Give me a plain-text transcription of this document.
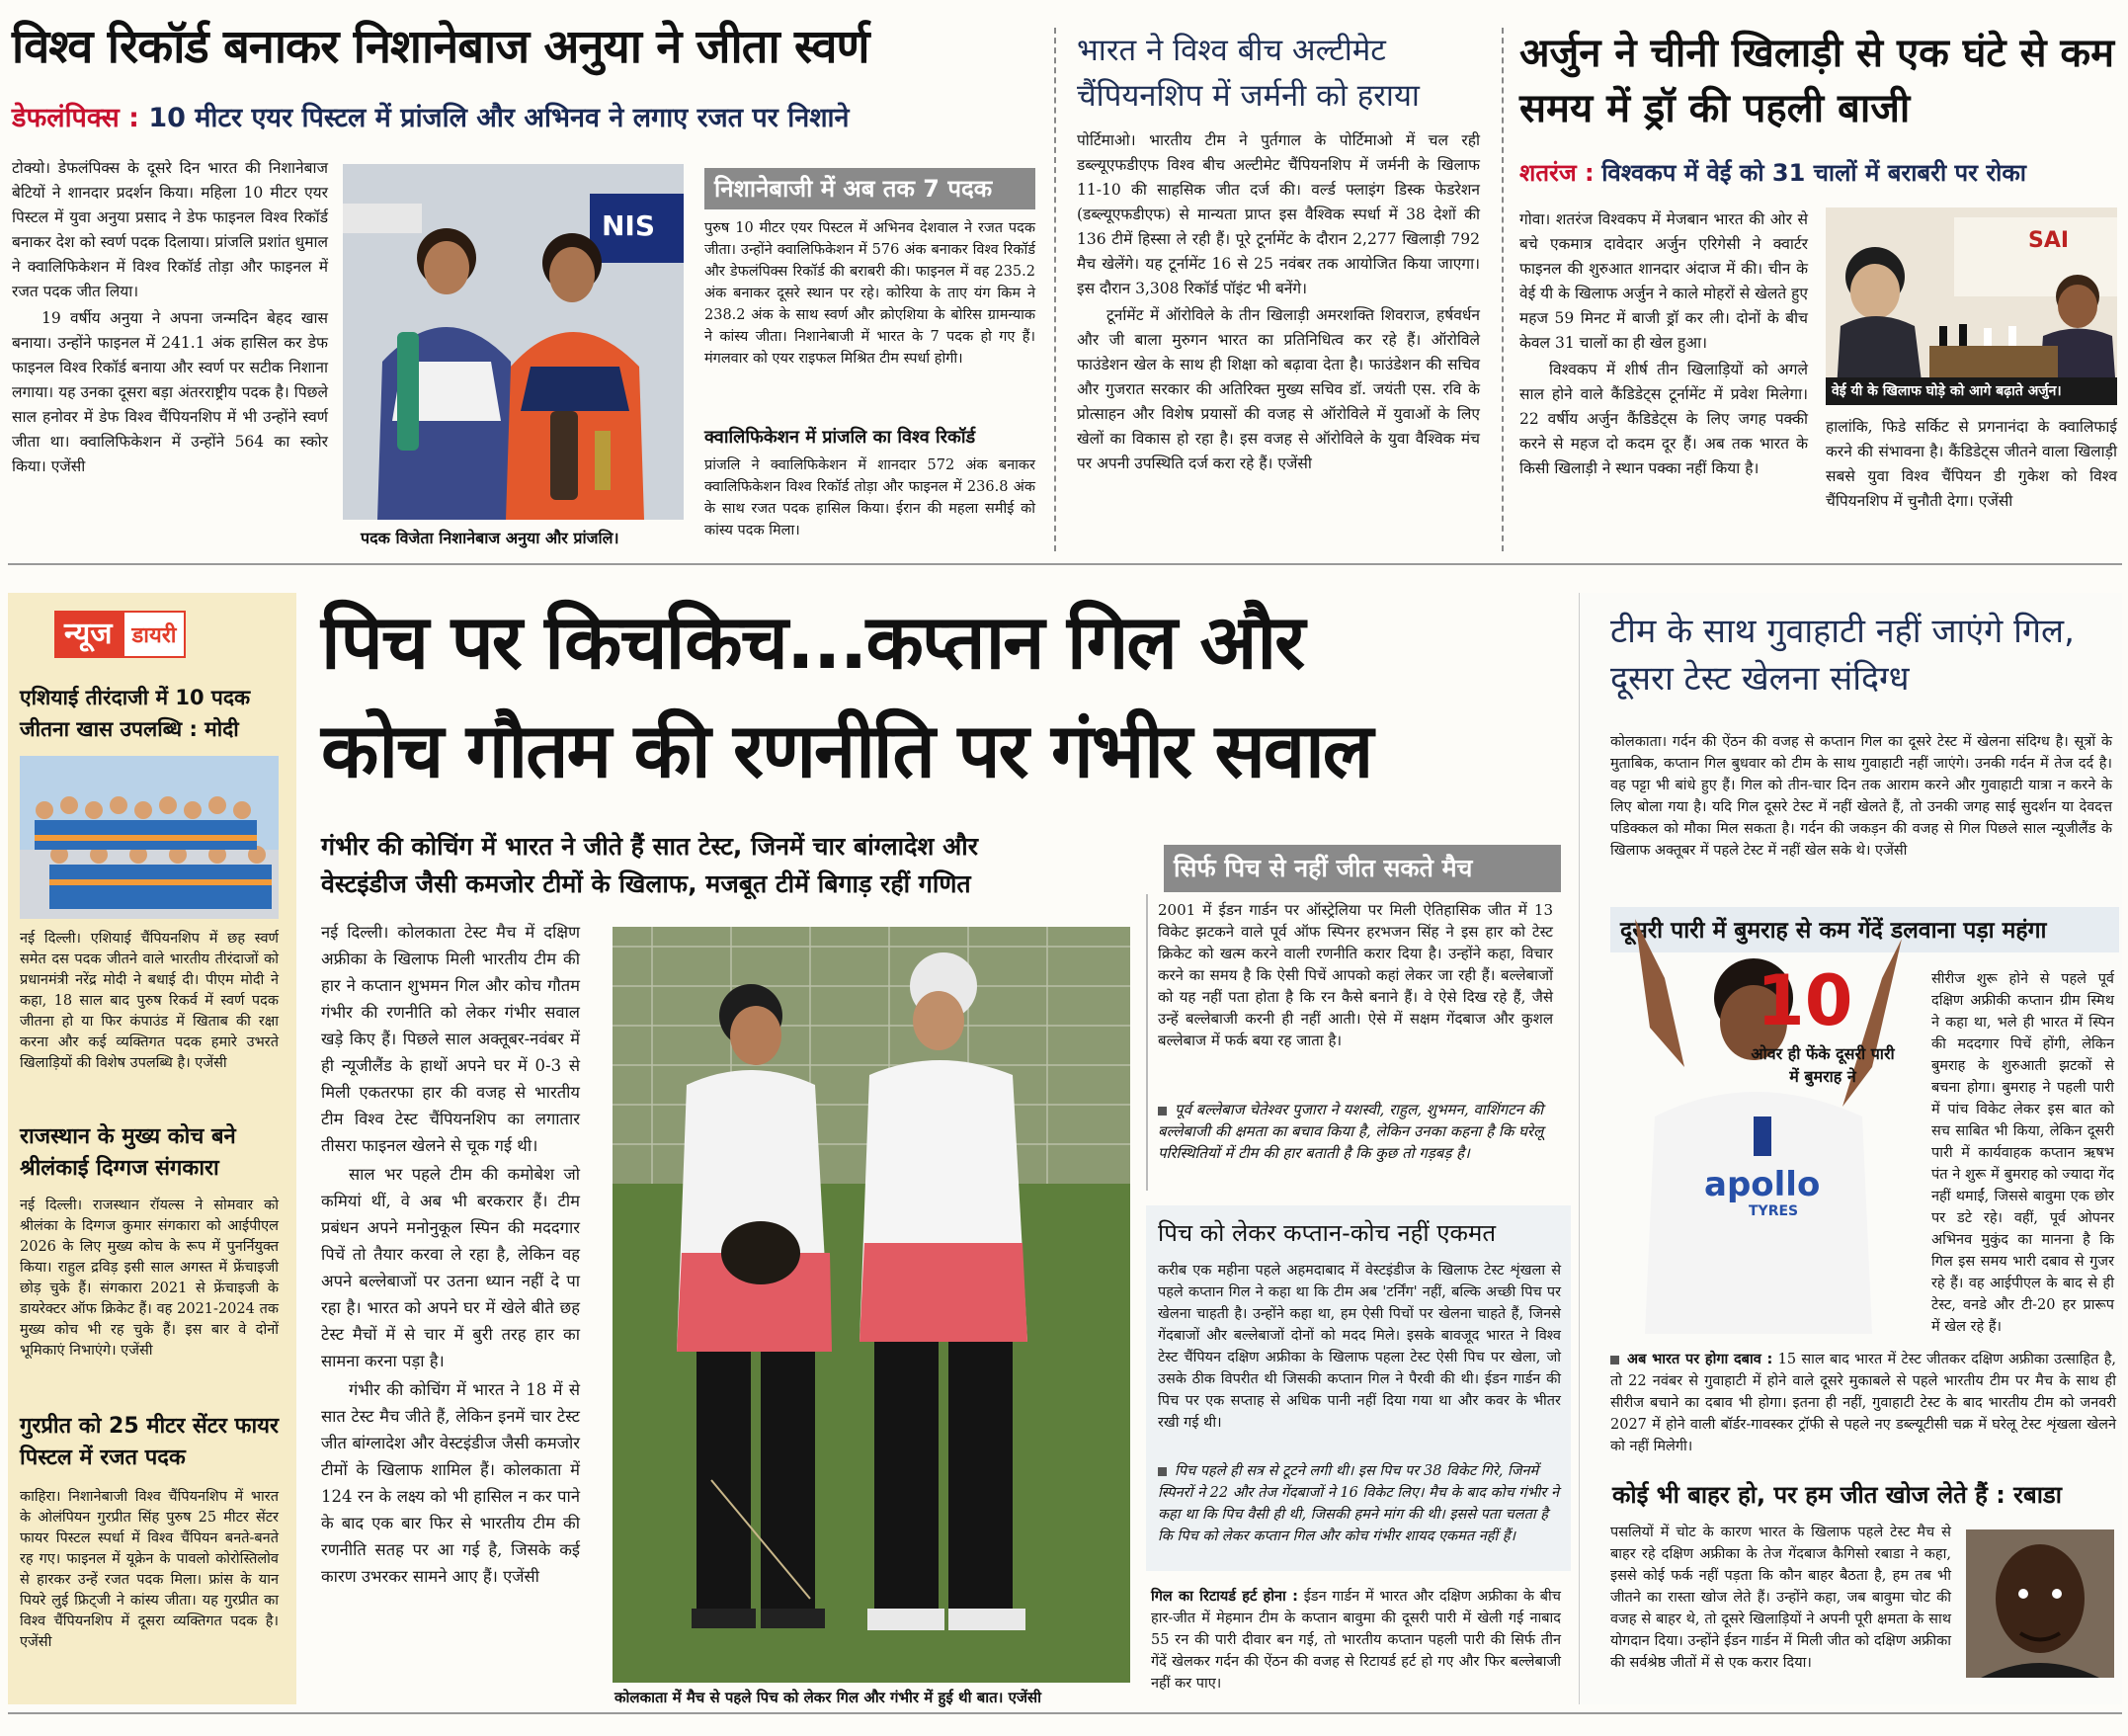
विश्व रिकॉर्ड बनाकर निशानेबाज अनुया ने जीता स्वर्ण
डेफलंपिक्स : 10 मीटर एयर पिस्टल में प्रांजलि और अभिनव ने लगाए रजत पर निशाने

टोक्यो। डेफलंपिक्स के दूसरे दिन भारत की निशानेबाज बेटियों ने शानदार प्रदर्शन किया। महिला 10 मीटर एयर पिस्टल में युवा अनुया प्रसाद ने डेफ फाइनल विश्व रिकॉर्ड बनाकर देश को स्वर्ण पदक दिलाया। प्रांजलि प्रशांत धुमाल ने क्वालिफिकेशन में विश्व रिकॉर्ड तोड़ा और फाइनल में रजत पदक जीत लिया।

19 वर्षीय अनुया ने अपना जन्मदिन बेहद खास बनाया। उन्होंने फाइनल में 241.1 अंक हासिल कर डेफ फाइनल विश्व रिकॉर्ड बनाया और स्वर्ण पर सटीक निशाना लगाया। यह उनका दूसरा बड़ा अंतरराष्ट्रीय पदक है। पिछले साल हनोवर में डेफ विश्व चैंपियनशिप में भी उन्होंने स्वर्ण जीता था। क्वालिफिकेशन में उन्होंने 564 का स्कोर किया। एजेंसी

NIS
पदक विजेता निशानेबाज अनुया और प्रांजलि।
निशानेबाजी में अब तक 7 पदक
पुरुष 10 मीटर एयर पिस्टल में अभिनव देशवाल ने रजत पदक जीता। उन्होंने क्वालिफिकेशन में 576 अंक बनाकर विश्व रिकॉर्ड और डेफलंपिक्स रिकॉर्ड की बराबरी की। फाइनल में वह 235.2 अंक बनाकर दूसरे स्थान पर रहे। कोरिया के ताए यंग किम ने 238.2 अंक के साथ स्वर्ण और क्रोएशिया के बोरिस ग्रामन्याक ने कांस्य जीता। निशानेबाजी में भारत के 7 पदक हो गए हैं। मंगलवार को एयर राइफल मिश्रित टीम स्पर्धा होगी।
क्वालिफिकेशन में प्रांजलि का विश्व रिकॉर्ड
प्रांजलि ने क्वालिफिकेशन में शानदार 572 अंक बनाकर क्वालिफिकेशन विश्व रिकॉर्ड तोड़ा और फाइनल में 236.8 अंक के साथ रजत पदक हासिल किया। ईरान की महला समीई को कांस्य पदक मिला।
भारत ने विश्व बीच अल्टीमेट चैंपियनशिप में जर्मनी को हराया

पोर्टिमाओ। भारतीय टीम ने पुर्तगाल के पोर्टिमाओ में चल रही डब्ल्यूएफडीएफ विश्व बीच अल्टीमेट चैंपियनशिप में जर्मनी के खिलाफ 11-10 की साहसिक जीत दर्ज की। वर्ल्ड फ्लाइंग डिस्क फेडरेशन (डब्ल्यूएफडीएफ) से मान्यता प्राप्त इस वैश्विक स्पर्धा में 38 देशों की 136 टीमें हिस्सा ले रही हैं। पूरे टूर्नामेंट के दौरान 2,277 खिलाड़ी 792 मैच खेलेंगे। यह टूर्नामेंट 16 से 25 नवंबर तक आयोजित किया जाएगा। इस दौरान 3,308 रिकॉर्ड पॉइंट भी बनेंगे।

टूर्नामेंट में ऑरोविले के तीन खिलाड़ी अमरशक्ति शिवराज, हर्षवर्धन और जी बाला मुरुगन भारत का प्रतिनिधित्व कर रहे हैं। ऑरोविले फाउंडेशन खेल के साथ ही शिक्षा को बढ़ावा देता है। फाउंडेशन की सचिव और गुजरात सरकार की अतिरिक्त मुख्य सचिव डॉ. जयंती एस. रवि के प्रोत्साहन और विशेष प्रयासों की वजह से ऑरोविले में युवाओं के लिए खेलों का विकास हो रहा है। इस वजह से ऑरोविले के युवा वैश्विक मंच पर अपनी उपस्थिति दर्ज करा रहे हैं। एजेंसी

अर्जुन ने चीनी खिलाड़ी से एक घंटे से कम समय में ड्रॉ की पहली बाजी
शतरंज : विश्वकप में वेई को 31 चालों में बराबरी पर रोका

गोवा। शतरंज विश्वकप में मेजबान भारत की ओर से बचे एकमात्र दावेदार अर्जुन एरिगेसी ने क्वार्टर फाइनल की शुरुआत शानदार अंदाज में की। चीन के वेई यी के खिलाफ अर्जुन ने काले मोहरों से खेलते हुए महज 59 मिनट में बाजी ड्रॉ कर ली। दोनों के बीच केवल 31 चालों का ही खेल हुआ।

विश्वकप में शीर्ष तीन खिलाड़ियों को अगले साल होने वाले कैंडिडेट्स टूर्नामेंट में प्रवेश मिलेगा। 22 वर्षीय अर्जुन कैंडिडेट्स के लिए जगह पक्की करने से महज दो कदम दूर हैं। अब तक भारत के किसी खिलाड़ी ने स्थान पक्का नहीं किया है।

SAI
वेई यी के खिलाफ घोड़े को आगे बढ़ाते अर्जुन।
हालांकि, फिडे सर्किट से प्रगनानंदा के क्वालिफाई करने की संभावना है। कैंडिडेट्स जीतने वाला खिलाड़ी सबसे युवा विश्व चैंपियन डी गुकेश को विश्व चैंपियनशिप में चुनौती देगा। एजेंसी
न्यूज डायरी
एशियाई तीरंदाजी में 10 पदक जीतना खास उपलब्धि : मोदी
नई दिल्ली। एशियाई चैंपियनशिप में छह स्वर्ण समेत दस पदक जीतने वाले भारतीय तीरंदाजों को प्रधानमंत्री नरेंद्र मोदी ने बधाई दी। पीएम मोदी ने कहा, 18 साल बाद पुरुष रिकर्व में स्वर्ण पदक जीतना हो या फिर कंपाउंड में खिताब की रक्षा करना और कई व्यक्तिगत पदक हमारे उभरते खिलाड़ियों की विशेष उपलब्धि है। एजेंसी
राजस्थान के मुख्य कोच बने श्रीलंकाई दिग्गज संगकारा
नई दिल्ली। राजस्थान रॉयल्स ने सोमवार को श्रीलंका के दिग्गज कुमार संगकारा को आईपीएल 2026 के लिए मुख्य कोच के रूप में पुनर्नियुक्त किया। राहुल द्रविड़ इसी साल अगस्त में फ्रेंचाइजी छोड़ चुके हैं। संगकारा 2021 से फ्रेंचाइजी के डायरेक्टर ऑफ क्रिकेट हैं। वह 2021-2024 तक मुख्य कोच भी रह चुके हैं। इस बार वे दोनों भूमिकाएं निभाएंगे। एजेंसी
गुरप्रीत को 25 मीटर सेंटर फायर पिस्टल में रजत पदक
काहिरा। निशानेबाजी विश्व चैंपियनशिप में भारत के ओलंपियन गुरप्रीत सिंह पुरुष 25 मीटर सेंटर फायर पिस्टल स्पर्धा में विश्व चैंपियन बनते-बनते रह गए। फाइनल में यूक्रेन के पावलो कोरोस्तिलोव से हारकर उन्हें रजत पदक मिला। फ्रांस के यान पियरे लुई फ्रिट्जी ने कांस्य जीता। यह गुरप्रीत का विश्व चैंपियनशिप में दूसरा व्यक्तिगत पदक है। एजेंसी
पिच पर किचकिच...कप्तान गिल और
कोच गौतम की रणनीति पर गंभीर सवाल
गंभीर की कोचिंग में भारत ने जीते हैं सात टेस्ट, जिनमें चार बांग्लादेश और
वेस्टइंडीज जैसी कमजोर टीमों के खिलाफ, मजबूत टीमें बिगाड़ रहीं गणित

नई दिल्ली। कोलकाता टेस्ट मैच में दक्षिण अफ्रीका के खिलाफ मिली भारतीय टीम की हार ने कप्तान शुभमन गिल और कोच गौतम गंभीर की रणनीति को लेकर गंभीर सवाल खड़े किए हैं। पिछले साल अक्तूबर-नवंबर में ही न्यूजीलैंड के हाथों अपने घर में 0-3 से मिली एकतरफा हार की वजह से भारतीय टीम विश्व टेस्ट चैंपियनशिप का लगातार तीसरा फाइनल खेलने से चूक गई थी।

साल भर पहले टीम की कमोबेश जो कमियां थीं, वे अब भी बरकरार हैं। टीम प्रबंधन अपने मनोनुकूल स्पिन की मददगार पिचें तो तैयार करवा ले रहा है, लेकिन वह अपने बल्लेबाजों पर उतना ध्यान नहीं दे पा रहा है। भारत को अपने घर में खेले बीते छह टेस्ट मैचों में से चार में बुरी तरह हार का सामना करना पड़ा है।

गंभीर की कोचिंग में भारत ने 18 में से सात टेस्ट मैच जीते हैं, लेकिन इनमें चार टेस्ट जीत बांग्लादेश और वेस्टइंडीज जैसी कमजोर टीमों के खिलाफ शामिल हैं। कोलकाता में 124 रन के लक्ष्य को भी हासिल न कर पाने के बाद एक बार फिर से भारतीय टीम की रणनीति सतह पर आ गई है, जिसके कई कारण उभरकर सामने आए हैं। एजेंसी

कोलकाता में मैच से पहले पिच को लेकर गिल और गंभीर में हुई थी बात। एजेंसी
सिर्फ पिच से नहीं जीत सकते मैच
2001 में ईडन गार्डन पर ऑस्ट्रेलिया पर मिली ऐतिहासिक जीत में 13 विकेट झटकने वाले पूर्व ऑफ स्पिनर हरभजन सिंह ने इस हार को टेस्ट क्रिकेट को खत्म करने वाली रणनीति करार दिया है। उन्होंने कहा, विचार करने का समय है कि ऐसी पिचें आपको कहां लेकर जा रही हैं। बल्लेबाजों को यह नहीं पता होता है कि रन कैसे बनाने हैं। वे ऐसे दिख रहे हैं, जैसे उन्हें बल्लेबाजी करनी ही नहीं आती। ऐसे में सक्षम गेंदबाज और कुशल बल्लेबाज में फर्क बया रह जाता है।
पूर्व बल्लेबाज चेतेश्वर पुजारा ने यशस्वी, राहुल, शुभमन, वाशिंगटन की बल्लेबाजी की क्षमता का बचाव किया है, लेकिन उनका कहना है कि घरेलू परिस्थितियों में टीम की हार बताती है कि कुछ तो गड़बड़ है।
पिच को लेकर कप्तान-कोच नहीं एकमत
करीब एक महीना पहले अहमदाबाद में वेस्टइंडीज के खिलाफ टेस्ट शृंखला से पहले कप्तान गिल ने कहा था कि टीम अब 'टर्निंग' नहीं, बल्कि अच्छी पिच पर खेलना चाहती है। उन्होंने कहा था, हम ऐसी पिचों पर खेलना चाहते हैं, जिनसे गेंदबाजों और बल्लेबाजों दोनों को मदद मिले। इसके बावजूद भारत ने विश्व टेस्ट चैंपियन दक्षिण अफ्रीका के खिलाफ पहला टेस्ट ऐसी पिच पर खेला, जो उसके ठीक विपरीत थी जिसकी कप्तान गिल ने पैरवी की थी। ईडन गार्डन की पिच पर एक सप्ताह से अधिक पानी नहीं दिया गया था और कवर के भीतर रखी गई थी।
पिच पहले ही सत्र से टूटने लगी थी। इस पिच पर 38 विकेट गिरे, जिनमें स्पिनरों ने 22 और तेज गेंदबाजों ने 16 विकेट लिए। मैच के बाद कोच गंभीर ने कहा था कि पिच वैसी ही थी, जिसकी हमने मांग की थी। इससे पता चलता है कि पिच को लेकर कप्तान गिल और कोच गंभीर शायद एकमत नहीं हैं।
गिल का रिटायर्ड हर्ट होना : ईडन गार्डन में भारत और दक्षिण अफ्रीका के बीच हार-जीत में मेहमान टीम के कप्तान बावुमा की दूसरी पारी में खेली गई नाबाद 55 रन की पारी दीवार बन गई, तो भारतीय कप्तान पहली पारी की सिर्फ तीन गेंदें खेलकर गर्दन की ऐंठन की वजह से रिटायर्ड हर्ट हो गए और फिर बल्लेबाजी नहीं कर पाए।
टीम के साथ गुवाहाटी नहीं जाएंगे गिल, दूसरा टेस्ट खेलना संदिग्ध
कोलकाता। गर्दन की ऐंठन की वजह से कप्तान गिल का दूसरे टेस्ट में खेलना संदिग्ध है। सूत्रों के मुताबिक, कप्तान गिल बुधवार को टीम के साथ गुवाहाटी नहीं जाएंगे। उनकी गर्दन में तेज दर्द है। वह पट्टा भी बांधे हुए हैं। गिल को तीन-चार दिन तक आराम करने और गुवाहाटी यात्रा न करने के लिए बोला गया है। यदि गिल दूसरे टेस्ट में नहीं खेलते हैं, तो उनकी जगह साई सुदर्शन या देवदत्त पडिक्कल को मौका मिल सकता है। गर्दन की जकड़न की वजह से गिल पिछले साल न्यूजीलैंड के खिलाफ अक्तूबर में पहले टेस्ट में नहीं खेल सके थे। एजेंसी
दूसरी पारी में बुमराह से कम गेंदें डलवाना पड़ा महंगा
apollo
TYRES
10
ओवर ही फेंके दूसरी पारी में बुमराह ने
सीरीज शुरू होने से पहले पूर्व दक्षिण अफ्रीकी कप्तान ग्रीम स्मिथ ने कहा था, भले ही भारत में स्पिन की मददगार पिचें होंगी, लेकिन बुमराह के शुरुआती झटकों से बचना होगा। बुमराह ने पहली पारी में पांच विकेट लेकर इस बात को सच साबित भी किया, लेकिन दूसरी पारी में कार्यवाहक कप्तान ऋषभ पंत ने शुरू में बुमराह को ज्यादा गेंद नहीं थमाईं, जिससे बावुमा एक छोर पर डटे रहे। वहीं, पूर्व ओपनर अभिनव मुकुंद का मानना है कि गिल इस समय भारी दबाव से गुजर रहे हैं। वह आईपीएल के बाद से ही टेस्ट, वनडे और टी-20 हर प्रारूप में खेल रहे हैं।
अब भारत पर होगा दबाव : 15 साल बाद भारत में टेस्ट जीतकर दक्षिण अफ्रीका उत्साहित है, तो 22 नवंबर से गुवाहाटी में होने वाले दूसरे मुकाबले से पहले भारतीय टीम पर मैच के साथ ही सीरीज बचाने का दबाव भी होगा। इतना ही नहीं, गुवाहाटी टेस्ट के बाद भारतीय टीम को जनवरी 2027 में होने वाली बॉर्डर-गावस्कर ट्रॉफी से पहले नए डब्ल्यूटीसी चक्र में घरेलू टेस्ट शृंखला खेलने को नहीं मिलेगी।
कोई भी बाहर हो, पर हम जीत खोज लेते हैं : रबाडा
पसलियों में चोट के कारण भारत के खिलाफ पहले टेस्ट मैच से बाहर रहे दक्षिण अफ्रीका के तेज गेंदबाज कैगिसो रबाडा ने कहा, इससे कोई फर्क नहीं पड़ता कि कौन बाहर बैठता है, हम तब भी जीतने का रास्ता खोज लेते हैं। उन्होंने कहा, जब बावुमा चोट की वजह से बाहर थे, तो दूसरे खिलाड़ियों ने अपनी पूरी क्षमता के साथ योगदान दिया। उन्होंने ईडन गार्डन में मिली जीत को दक्षिण अफ्रीका की सर्वश्रेष्ठ जीतों में से एक करार दिया।
